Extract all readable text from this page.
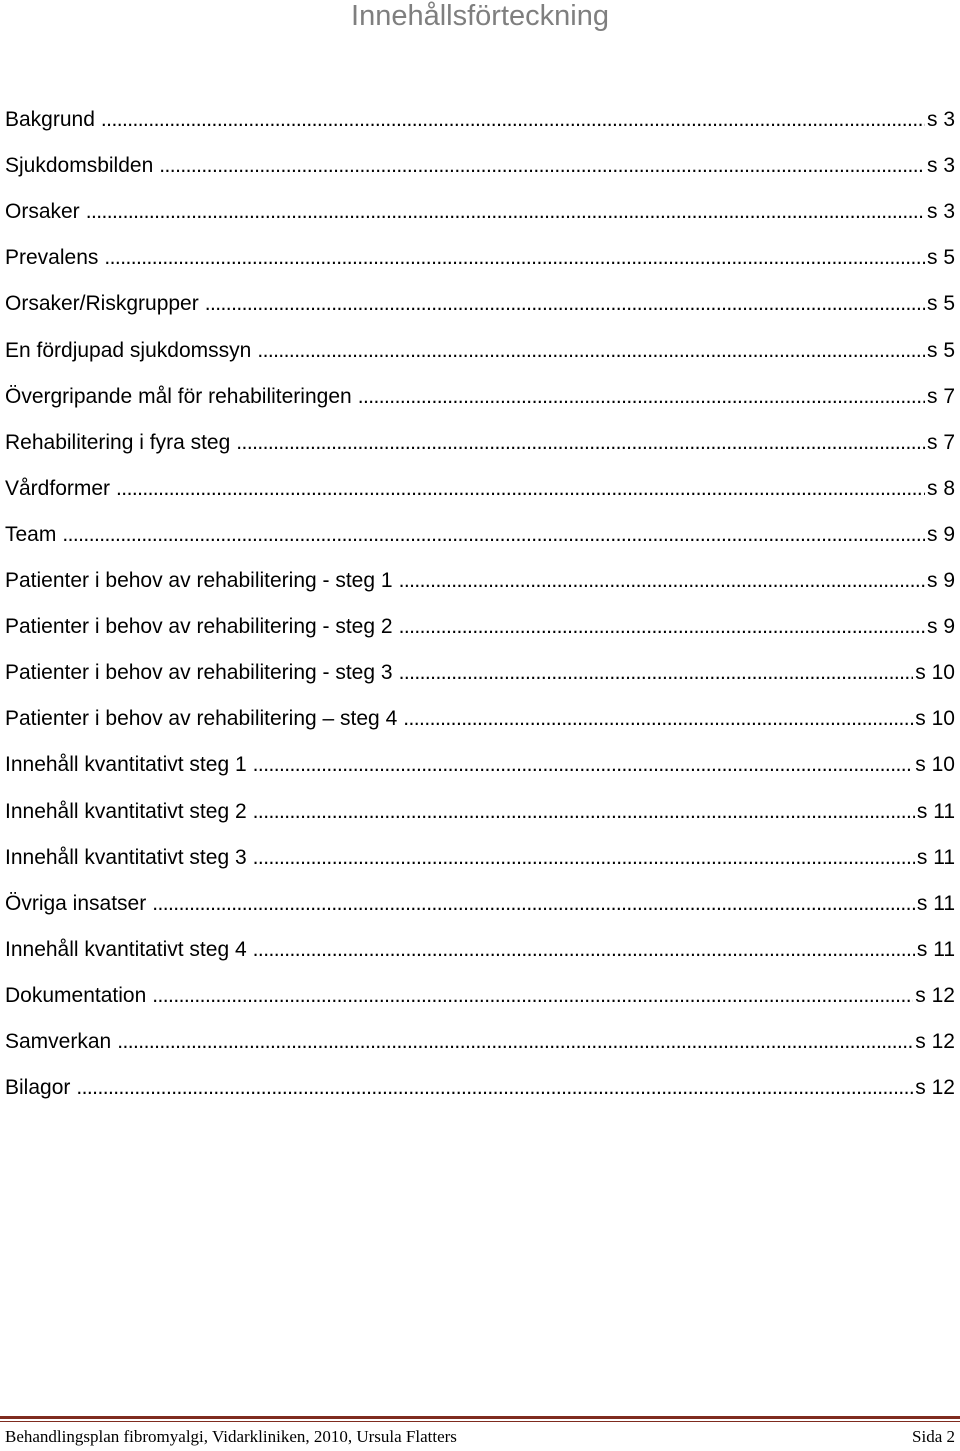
Innehållsförteckning
Bakgrund . . .	s 3
Sjukdomsbilden . . .	s 3
Orsaker . . .	s 3
Prevalens . . .	s 5
Orsaker/Riskgrupper . . .	s 5
En fördjupad sjukdomssyn . . .	s 5
Övergripande mål för rehabiliteringen . . .	s 7
Rehabilitering i fyra steg . . .	s 7
Vårdformer . . .	s 8
Team . . .	s 9
Patienter i behov av rehabilitering - steg 1 . . .	s 9
Patienter i behov av rehabilitering - steg 2 . . .	s 9
Patienter i behov av rehabilitering - steg 3 . . .	s 10
Patienter i behov av rehabilitering – steg 4 . . .	s 10
Innehåll kvantitativt steg 1 . . .	s 10
Innehåll kvantitativt steg 2 . . .	s 11
Innehåll kvantitativt steg 3 . . .	s 11
Övriga insatser . . .	s 11
Innehåll kvantitativt steg 4 . . .	s 11
Dokumentation . . .	s 12
Samverkan . . .	s 12
Bilagor . . .	s 12
Behandlingsplan fibromyalgi, Vidarkliniken, 2010, Ursula Flatters	Sida 2
